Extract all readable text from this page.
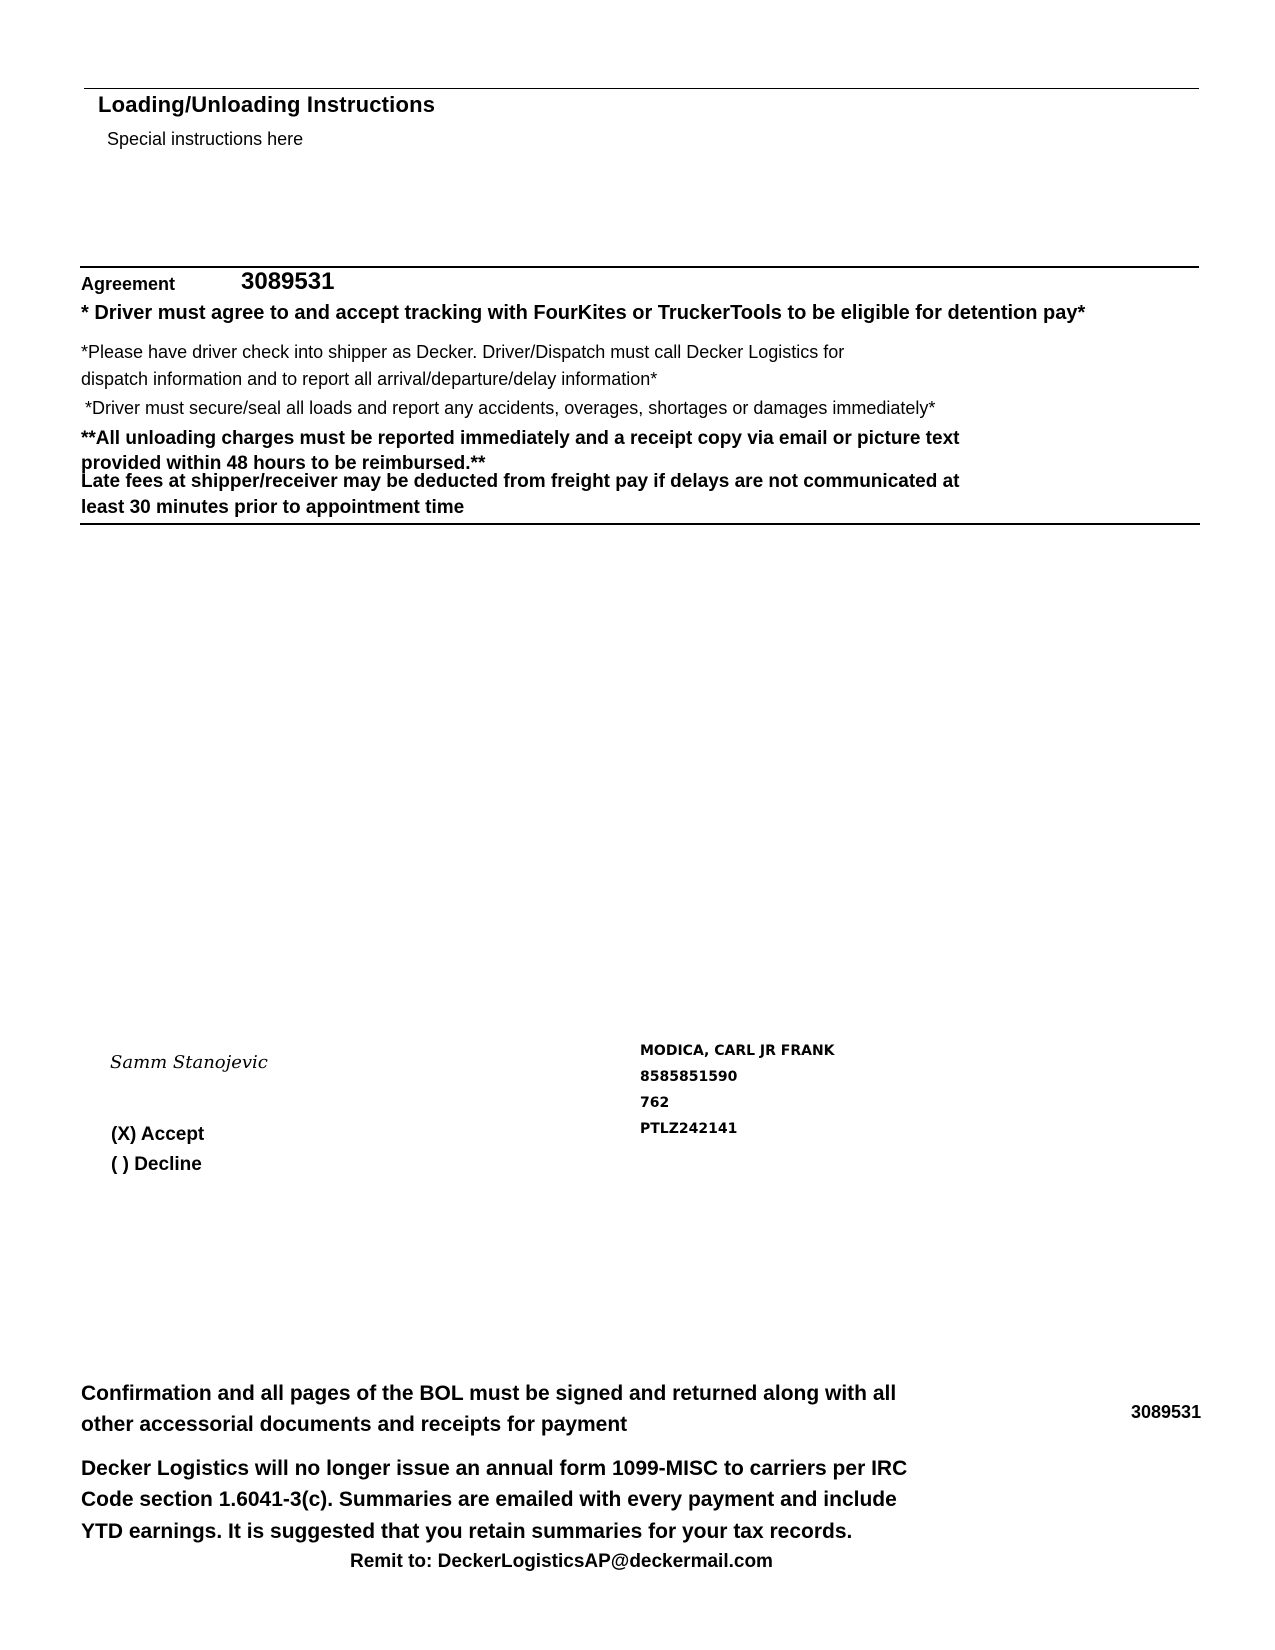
Loading/Unloading Instructions
Special instructions here
Agreement	3089531
* Driver must agree to and accept tracking with FourKites or TruckerTools to be eligible for detention pay*
*Please have driver check into shipper as Decker. Driver/Dispatch must call Decker Logistics for
dispatch information and to report all arrival/departure/delay information*
*Driver must secure/seal all loads and report any accidents, overages, shortages or damages immediately*
**All unloading charges must be reported immediately and a receipt copy via email or picture text
provided within 48 hours to be reimbursed.**
Late fees at shipper/receiver may be deducted from freight pay if delays are not communicated at
least 30 minutes prior to appointment time
Samm Stanojevic
(X) Accept
( ) Decline
MODICA, CARL JR FRANK
8585851590
762
PTLZ242141
Confirmation and all pages of the BOL must be signed and returned along with all
other accessorial documents and receipts for payment
3089531
Decker Logistics will no longer issue an annual form 1099-MISC to carriers per IRC
Code section 1.6041-3(c). Summaries are emailed with every payment and include
YTD earnings. It is suggested that you retain summaries for your tax records.
Remit to: DeckerLogisticsAP@deckermail.com
